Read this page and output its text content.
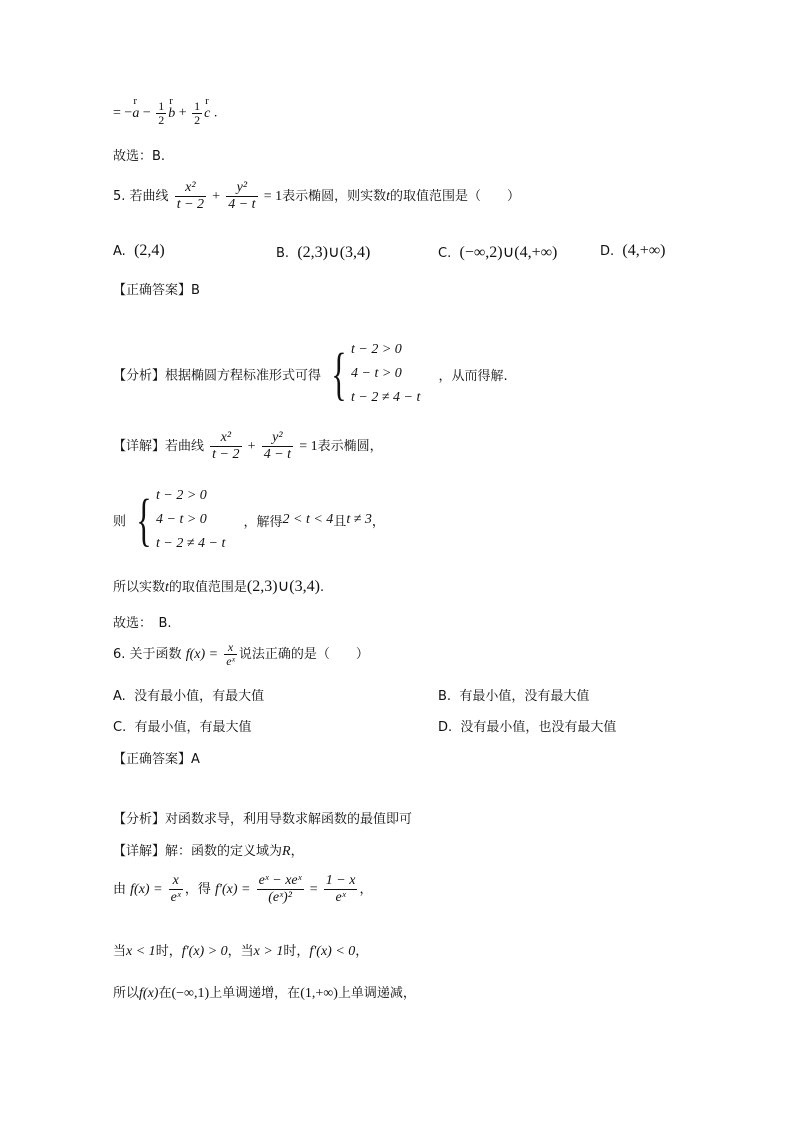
= −r $a - \frac{1}{2}$ r $b + \frac{1}{2}$ r c .
故选：B.
5. 若曲线 $\frac{\text{x²}}{t - 2} + \frac{\text{y²}}{4 - t} = 1$表示椭圆，则实数t的取值范围是（　　）
A. (2,4)	B. (2,3)∪(3,4)	C. (−∞,2)∪(4,+∞)	D. (4,+∞)
【正确答案】B
【分析】根据椭圆方程标准形式可得 { t − 2 > 0
4 − t > 0
t − 2 ≠ 4 − t
，从而得解.
【详解】若曲线 $\frac{\text{x²}}{t - 2} + \frac{\text{y²}}{4 - t} = 1$表示椭圆，
则 { t − 2 > 0
4 − t > 0
t − 2 ≠ 4 − t
，解得2 < t < 4且t ≠ 3，
所以实数t的取值范围是(2,3)∪(3,4).
故选：　B.
6. 关于函数 $f(x) = \frac{x}{\text{eˣ}}$ 说法正确的是（　　）
A. 没有最小值，有最大值	B. 有最小值，没有最大值
C. 有最小值，有最大值	D. 没有最小值，也没有最大值
【正确答案】A
【分析】对函数求导，利用导数求解函数的最值即可
【详解】解：函数的定义域为R，
由 $f(x) = \frac{x}{\text{eˣ}}$ ，得 $f'(x) = \frac{\text{eˣ − xeˣ}}{\text{(eˣ)²}} = \frac{1 - x}{\text{eˣ}}$ ，
当x < 1时，f′(x) > 0，当x > 1时，f′(x) < 0，
所以f(x)在(−∞,1)上单调递增，在(1,+∞)上单调递减，
